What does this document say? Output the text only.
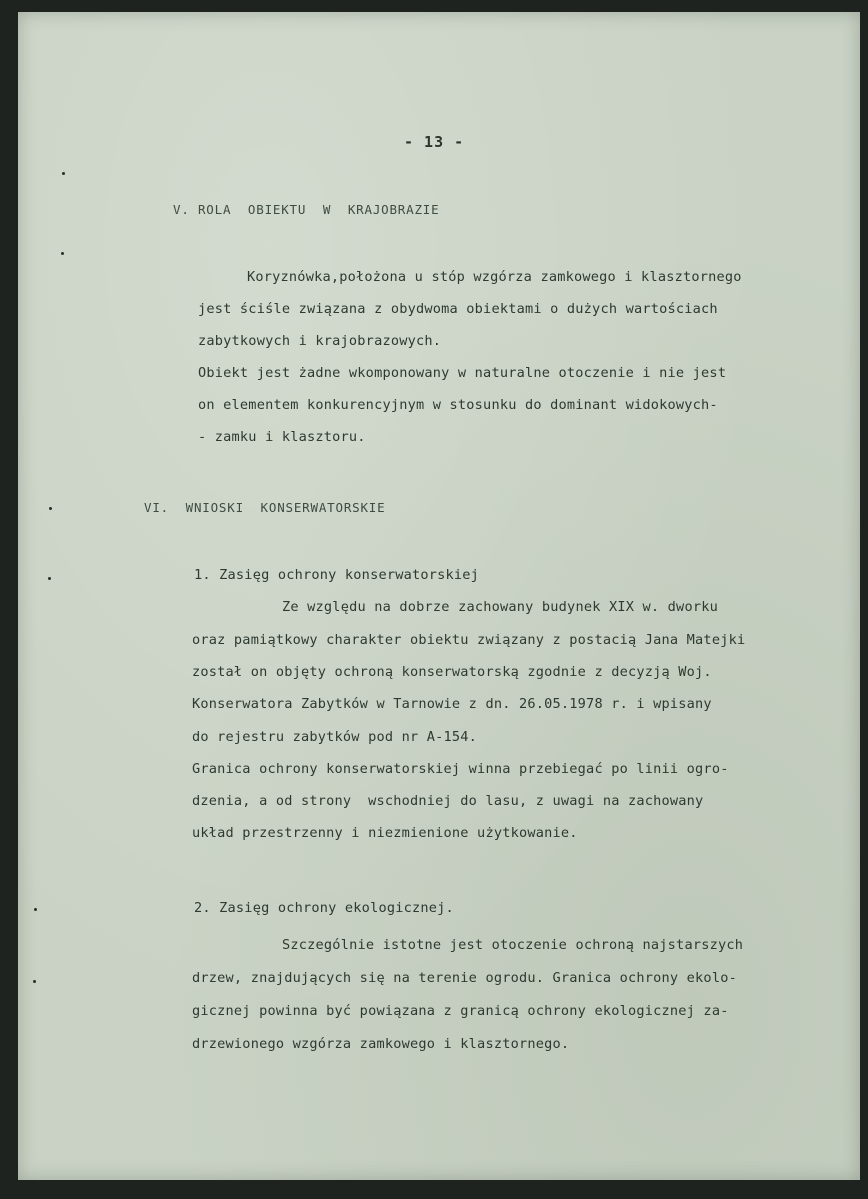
- 13 -
V. ROLA  OBIEKTU  W  KRAJOBRAZIE
Koryznówka,położona u stóp wzgórza zamkowego i klasztornego
jest ściśle związana z obydwoma obiektami o dużych wartościach
zabytkowych i krajobrazowych.
Obiekt jest żadne wkomponowany w naturalne otoczenie i nie jest
on elementem konkurencyjnym w stosunku do dominant widokowych-
- zamku i klasztoru.
VI.  WNIOSKI  KONSERWATORSKIE
1. Zasięg ochrony konserwatorskiej
Ze względu na dobrze zachowany budynek XIX w. dworku
oraz pamiątkowy charakter obiektu związany z postacią Jana Matejki
został on objęty ochroną konserwatorską zgodnie z decyzją Woj.
Konserwatora Zabytków w Tarnowie z dn. 26.05.1978 r. i wpisany
do rejestru zabytków pod nr A-154.
Granica ochrony konserwatorskiej winna przebiegać po linii ogro-
dzenia, a od strony  wschodniej do lasu, z uwagi na zachowany
układ przestrzenny i niezmienione użytkowanie.
2. Zasięg ochrony ekologicznej.
Szczególnie istotne jest otoczenie ochroną najstarszych
drzew, znajdujących się na terenie ogrodu. Granica ochrony ekolo-
gicznej powinna być powiązana z granicą ochrony ekologicznej za-
drzewionego wzgórza zamkowego i klasztornego.
